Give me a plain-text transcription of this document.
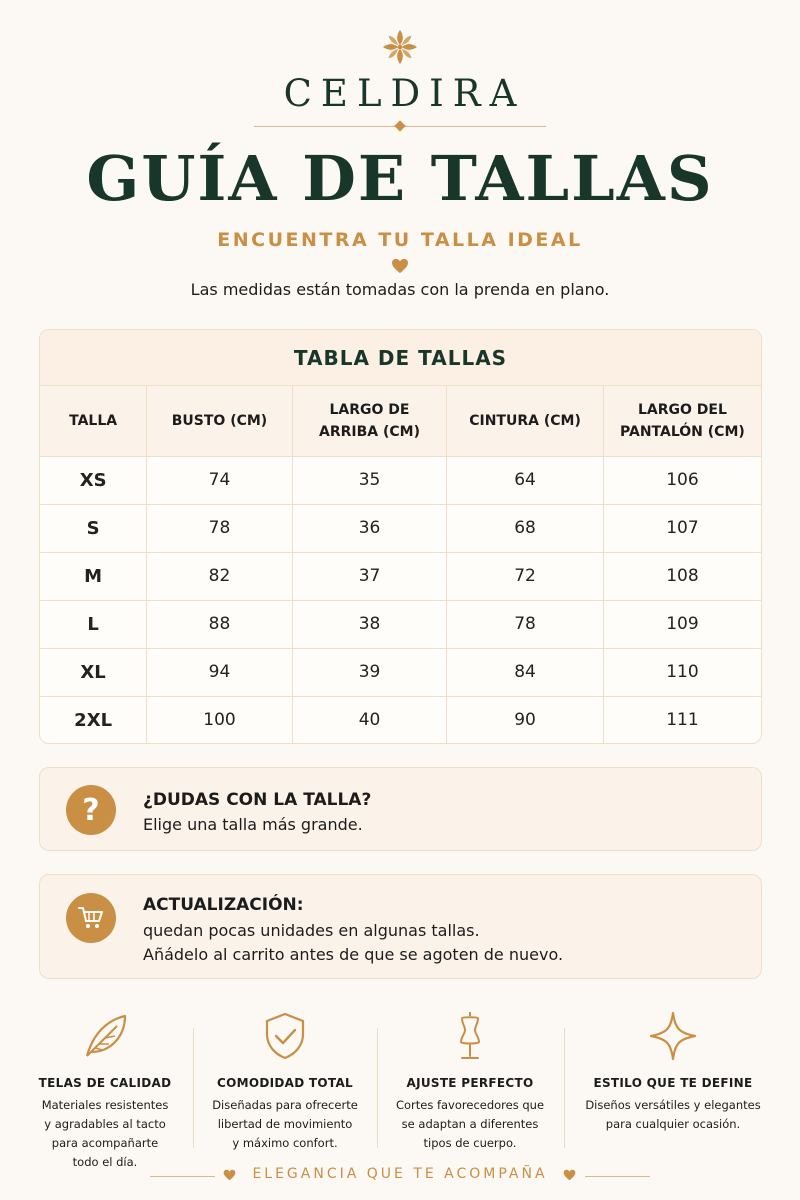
CELDIRA
GUÍA DE TALLAS
ENCUENTRA TU TALLA IDEAL
Las medidas están tomadas con la prenda en plano.
TABLA DE TALLAS
TALLA	BUSTO (CM)	LARGO DE ARRIBA (CM)	CINTURA (CM)	LARGO DEL PANTALÓN (CM)
XS	74	35	64	106
S	78	36	68	107
M	82	37	72	108
L	88	38	78	109
XL	94	39	84	110
2XL	100	40	90	111
?	¿DUDAS CON LA TALLA?
Elige una talla más grande.
ACTUALIZACIÓN:
quedan pocas unidades en algunas tallas.
Añádelo al carrito antes de que se agoten de nuevo.
TELAS DE CALIDAD
Materiales resistentes
y agradables al tacto
para acompañarte
todo el día.
COMODIDAD TOTAL
Diseñadas para ofrecerte
libertad de movimiento
y máximo confort.
AJUSTE PERFECTO
Cortes favorecedores que
se adaptan a diferentes
tipos de cuerpo.
ESTILO QUE TE DEFINE
Diseños versátiles y elegantes
para cualquier ocasión.
ELEGANCIA QUE TE ACOMPAÑA
